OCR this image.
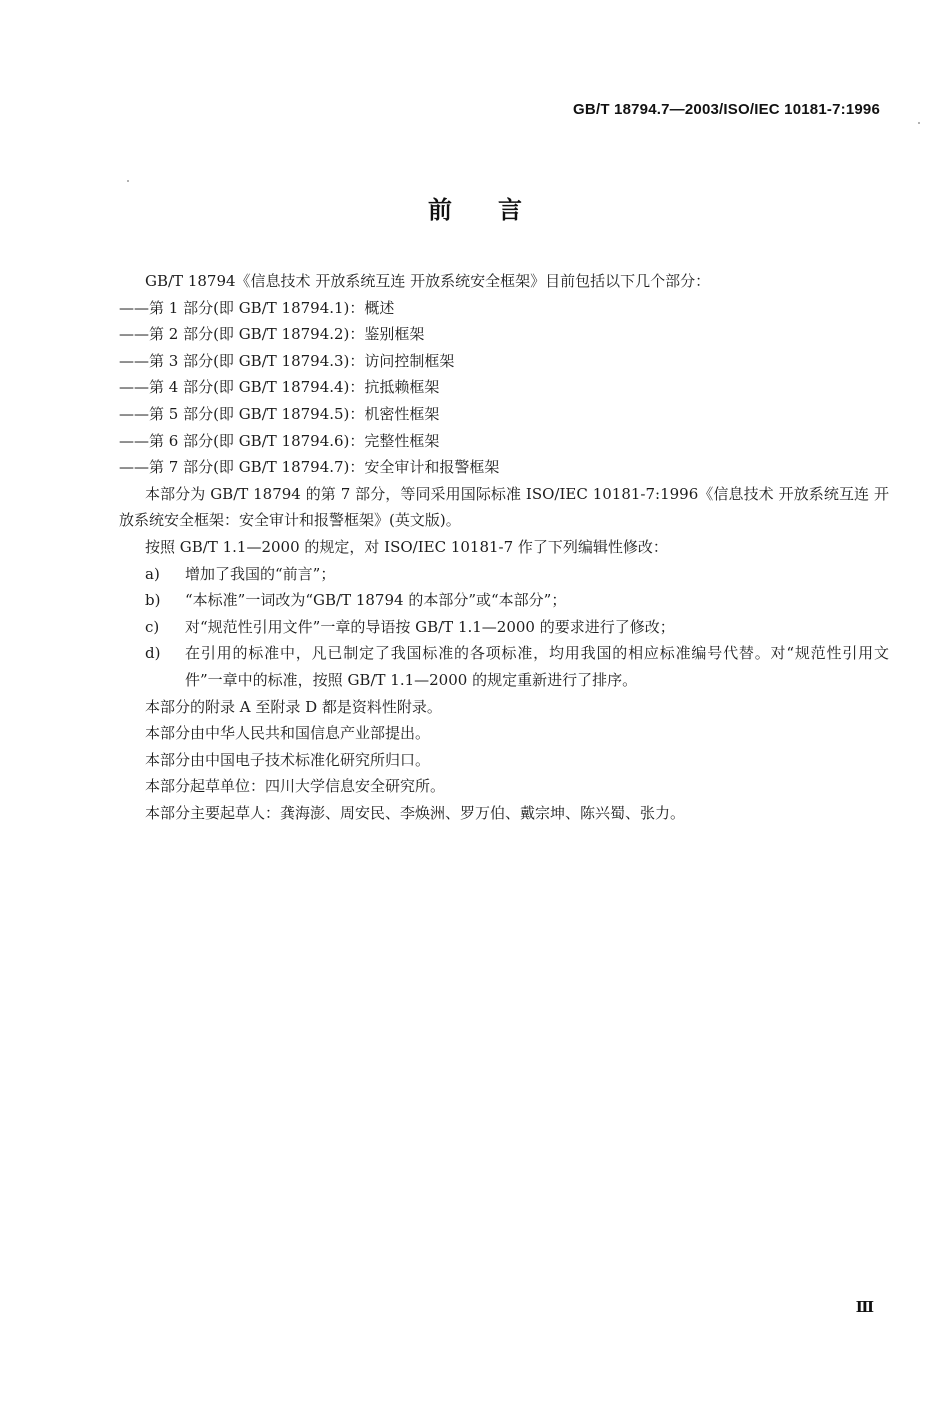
GB/T 18794.7—2003/ISO/IEC 10181-7:1996
前言
GB/T 18794《信息技术 开放系统互连 开放系统安全框架》目前包括以下几个部分：
——第 1 部分(即 GB/T 18794.1)：概述
——第 2 部分(即 GB/T 18794.2)：鉴别框架
——第 3 部分(即 GB/T 18794.3)：访问控制框架
——第 4 部分(即 GB/T 18794.4)：抗抵赖框架
——第 5 部分(即 GB/T 18794.5)：机密性框架
——第 6 部分(即 GB/T 18794.6)：完整性框架
——第 7 部分(即 GB/T 18794.7)：安全审计和报警框架
本部分为 GB/T 18794 的第 7 部分，等同采用国际标准 ISO/IEC 10181-7:1996《信息技术 开放系统互连 开放系统安全框架：安全审计和报警框架》(英文版)。
按照 GB/T 1.1—2000 的规定，对 ISO/IEC 10181-7 作了下列编辑性修改：
a)	增加了我国的“前言”；
b)	“本标准”一词改为“GB/T 18794 的本部分”或“本部分”；
c)	对“规范性引用文件”一章的导语按 GB/T 1.1—2000 的要求进行了修改；
d)	在引用的标准中，凡已制定了我国标准的各项标准，均用我国的相应标准编号代替。对“规范性引用文件”一章中的标准，按照 GB/T 1.1—2000 的规定重新进行了排序。
本部分的附录 A 至附录 D 都是资料性附录。
本部分由中华人民共和国信息产业部提出。
本部分由中国电子技术标准化研究所归口。
本部分起草单位：四川大学信息安全研究所。
本部分主要起草人：龚海澎、周安民、李焕洲、罗万伯、戴宗坤、陈兴蜀、张力。
Ⅲ
